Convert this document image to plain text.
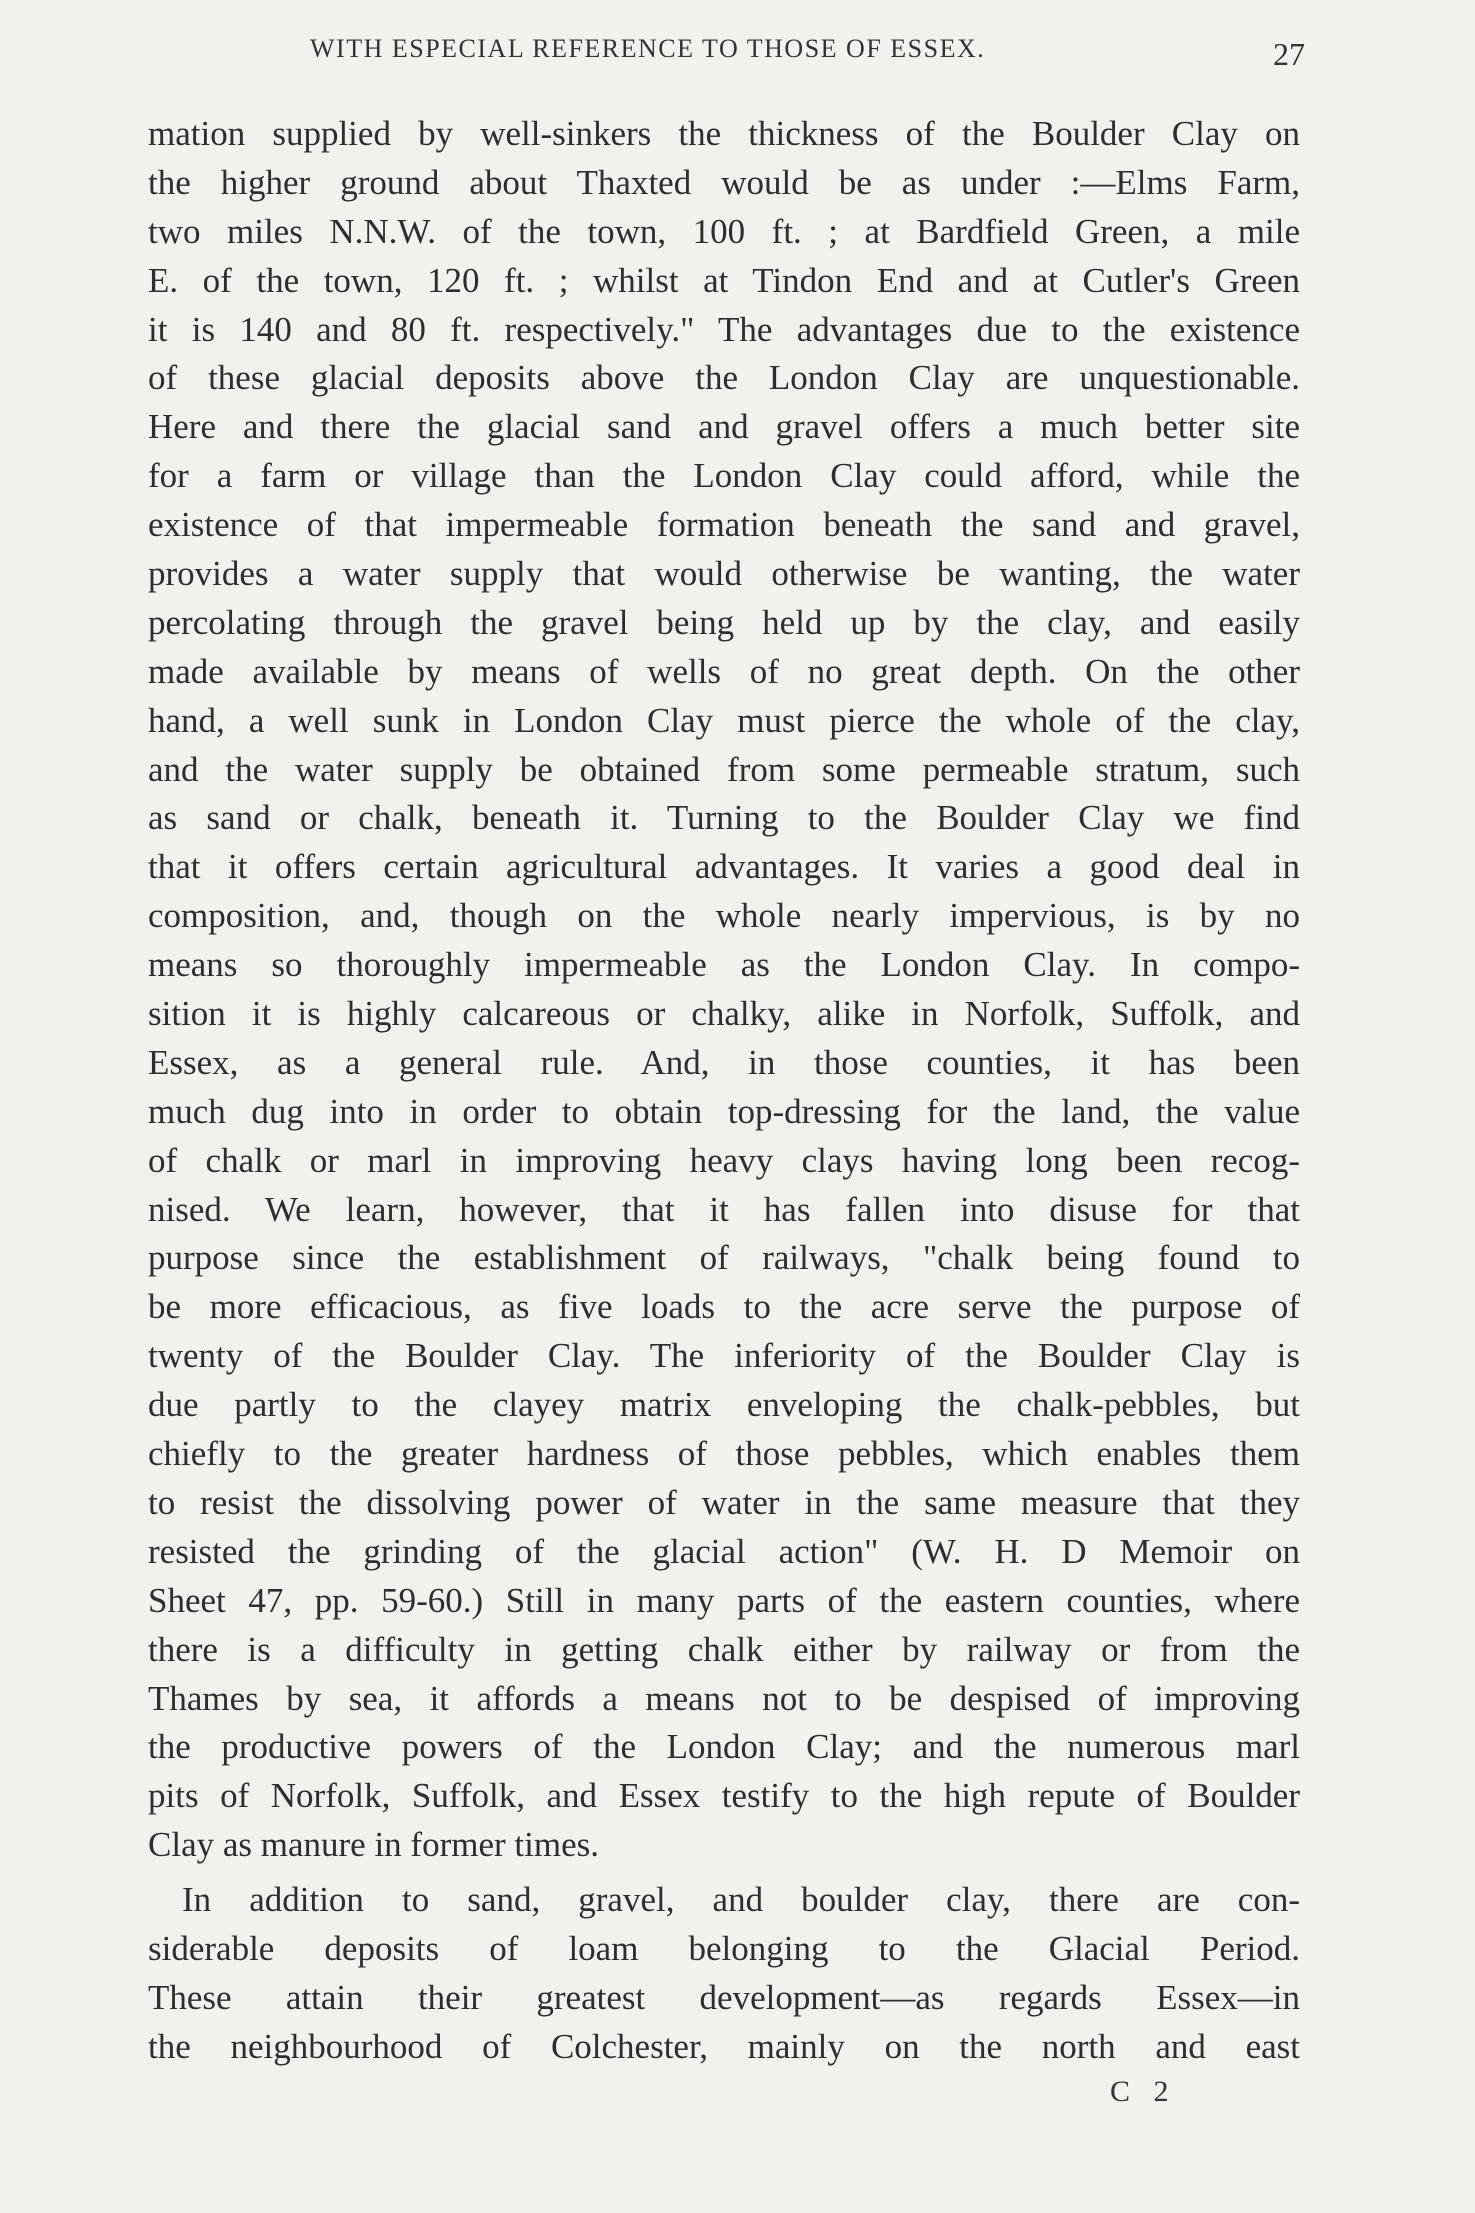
WITH ESPECIAL REFERENCE TO THOSE OF ESSEX.	27
mation supplied by well-sinkers the thickness of the Boulder Clay on
the higher ground about Thaxted would be as under :—Elms Farm,
two miles N.N.W. of the town, 100 ft. ; at Bardfield Green, a mile
E. of the town, 120 ft. ; whilst at Tindon End and at Cutler's Green
it is 140 and 80 ft. respectively." The advantages due to the existence
of these glacial deposits above the London Clay are unquestionable.
Here and there the glacial sand and gravel offers a much better site
for a farm or village than the London Clay could afford, while the
existence of that impermeable formation beneath the sand and gravel,
provides a water supply that would otherwise be wanting, the water
percolating through the gravel being held up by the clay, and easily
made available by means of wells of no great depth. On the other
hand, a well sunk in London Clay must pierce the whole of the clay,
and the water supply be obtained from some permeable stratum, such
as sand or chalk, beneath it. Turning to the Boulder Clay we find
that it offers certain agricultural advantages. It varies a good deal in
composition, and, though on the whole nearly impervious, is by no
means so thoroughly impermeable as the London Clay. In compo-
sition it is highly calcareous or chalky, alike in Norfolk, Suffolk, and
Essex, as a general rule. And, in those counties, it has been
much dug into in order to obtain top-dressing for the land, the value
of chalk or marl in improving heavy clays having long been recog-
nised. We learn, however, that it has fallen into disuse for that
purpose since the establishment of railways, "chalk being found to
be more efficacious, as five loads to the acre serve the purpose of
twenty of the Boulder Clay. The inferiority of the Boulder Clay is
due partly to the clayey matrix enveloping the chalk-pebbles, but
chiefly to the greater hardness of those pebbles, which enables them
to resist the dissolving power of water in the same measure that they
resisted the grinding of the glacial action" (W. H. D Memoir on
Sheet 47, pp. 59-60.) Still in many parts of the eastern counties, where
there is a difficulty in getting chalk either by railway or from the
Thames by sea, it affords a means not to be despised of improving
the productive powers of the London Clay; and the numerous marl
pits of Norfolk, Suffolk, and Essex testify to the high repute of Boulder
Clay as manure in former times.
In addition to sand, gravel, and boulder clay, there are con-
siderable deposits of loam belonging to the Glacial Period.
These attain their greatest development—as regards Essex—in
the neighbourhood of Colchester, mainly on the north and east
C 2
